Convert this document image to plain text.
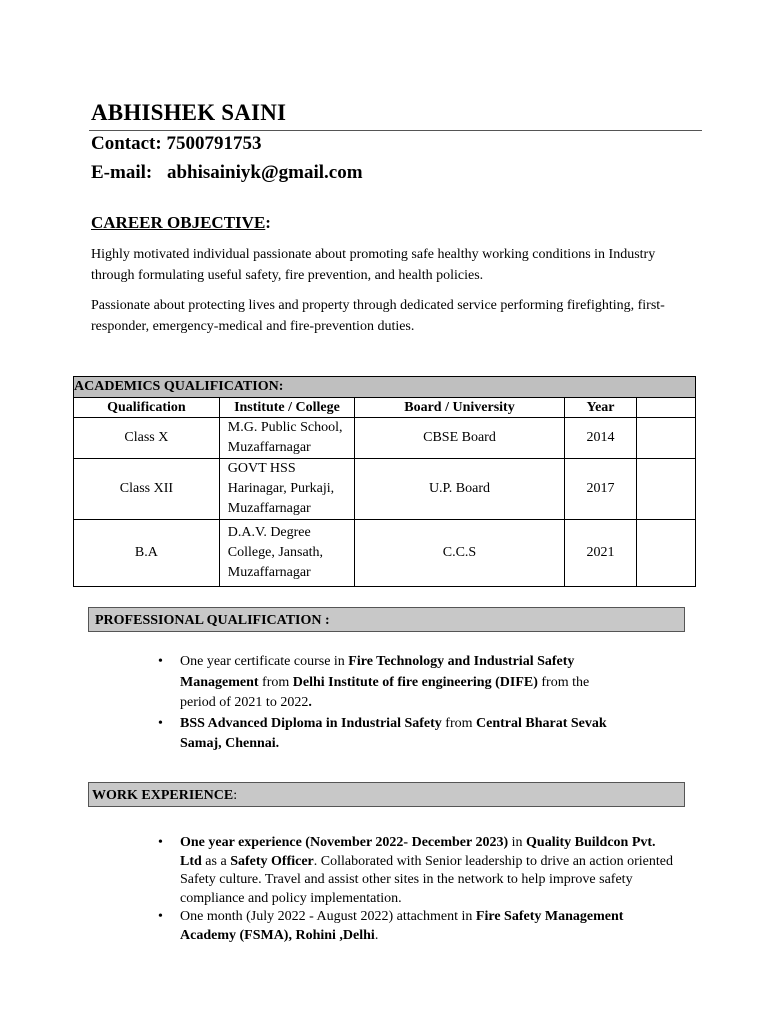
ABHISHEK SAINI
Contact: 7500791753
E-mail: abhisainiyk@gmail.com
CAREER OBJECTIVE:
Highly motivated individual passionate about promoting safe healthy working conditions in Industry through formulating useful safety, fire prevention, and health policies.
Passionate about protecting lives and property through dedicated service performing firefighting, first-responder, emergency-medical and fire-prevention duties.
ACADEMICS QUALIFICATION:				
Qualification	Institute / College	Board / University	Year	
Class X	M.G. Public School, Muzaffarnagar	CBSE Board	2014	
Class XII	GOVT HSS Harinagar, Purkaji, Muzaffarnagar	U.P. Board	2017	
B.A	D.A.V. Degree College, Jansath, Muzaffarnagar	C.C.S	2021	
PROFESSIONAL QUALIFICATION :
• One year certificate course in Fire Technology and Industrial Safety Management from Delhi Institute of fire engineering (DIFE) from the period of 2021 to 2022.
• BSS Advanced Diploma in Industrial Safety from Central Bharat Sevak Samaj, Chennai.
WORK EXPERIENCE:
• One year experience (November 2022- December 2023) in Quality Buildcon Pvt. Ltd as a Safety Officer. Collaborated with Senior leadership to drive an action oriented Safety culture. Travel and assist other sites in the network to help improve safety compliance and policy implementation.
• One month (July 2022 - August 2022) attachment in Fire Safety Management Academy (FSMA), Rohini ,Delhi.
